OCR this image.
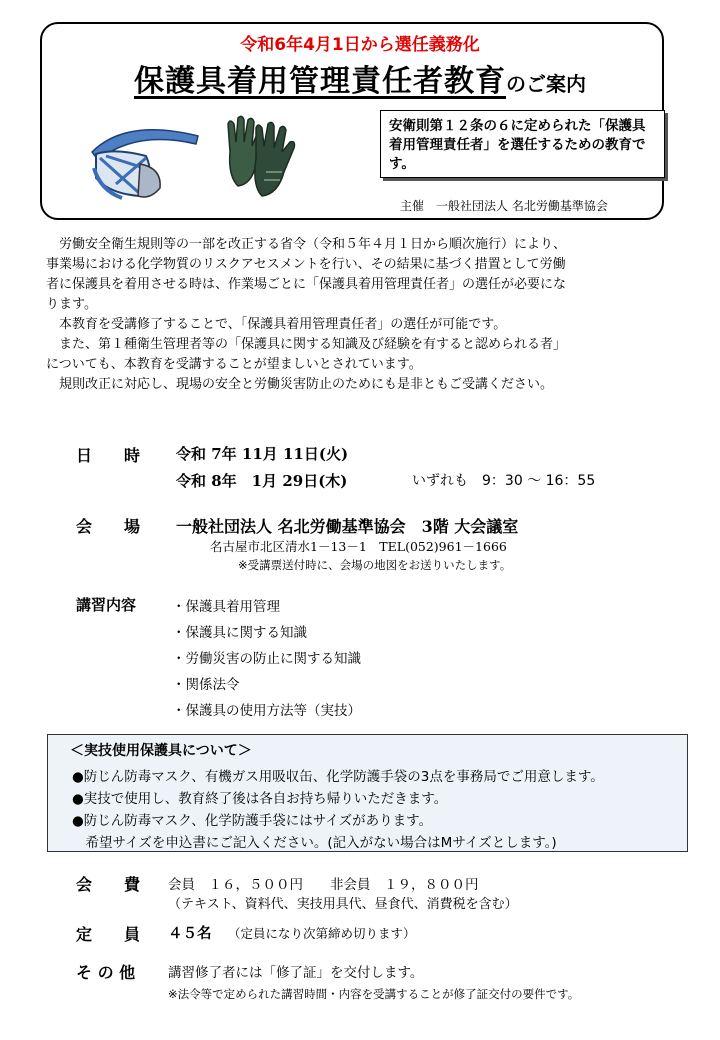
令和6年4月1日から選任義務化
保護具着用管理責任者教育のご案内
安衛則第１２条の６に定められた「保護具着用管理責任者」を選任するための教育です。
主催　一般社団法人 名北労働基準協会
　労働安全衛生規則等の一部を改正する省令（令和５年４月１日から順次施行）により、
事業場における化学物質のリスクアセスメントを行い、その結果に基づく措置として労働
者に保護具を着用させる時は、作業場ごとに「保護具着用管理責任者」の選任が必要にな
ります。
　本教育を受講修了することで、「保護具着用管理責任者」の選任が可能です。
　また、第１種衛生管理者等の「保護具に関する知識及び経験を有すると認められる者」
についても、本教育を受講することが望ましいとされています。
　規則改正に対応し、現場の安全と労働災害防止のためにも是非ともご受講ください。
日　　時 令和 7年 11月 11日(火)
令和 8年　1月 29日(木)	いずれも　9：30 ～ 16：55
会　　場 一般社団法人 名北労働基準協会　3階 大会議室
名古屋市北区清水1－13－1　TEL(052)961－1666
※受講票送付時に、会場の地図をお送りいたします。
講習内容	・保護具着用管理
・保護具に関する知識
・労働災害の防止に関する知識
・関係法令
・保護具の使用方法等（実技）
＜実技使用保護具について＞
●防じん防毒マスク、有機ガス用吸収缶、化学防護手袋の3点を事務局でご用意します。
●実技で使用し、教育終了後は各自お持ち帰りいただきます。
●防じん防毒マスク、化学防護手袋にはサイズがあります。
　希望サイズを申込書にご記入ください。(記入がない場合はMサイズとします。)
会　　費 会員　１６，５００円　　非会員　１９，８００円
（テキスト、資料代、実技用具代、昼食代、消費税を含む）
定　　員 ４５名 （定員になり次第締め切ります）
そ の 他 講習修了者には「修了証」を交付します。
※法令等で定められた講習時間・内容を受講することが修了証交付の要件です。
